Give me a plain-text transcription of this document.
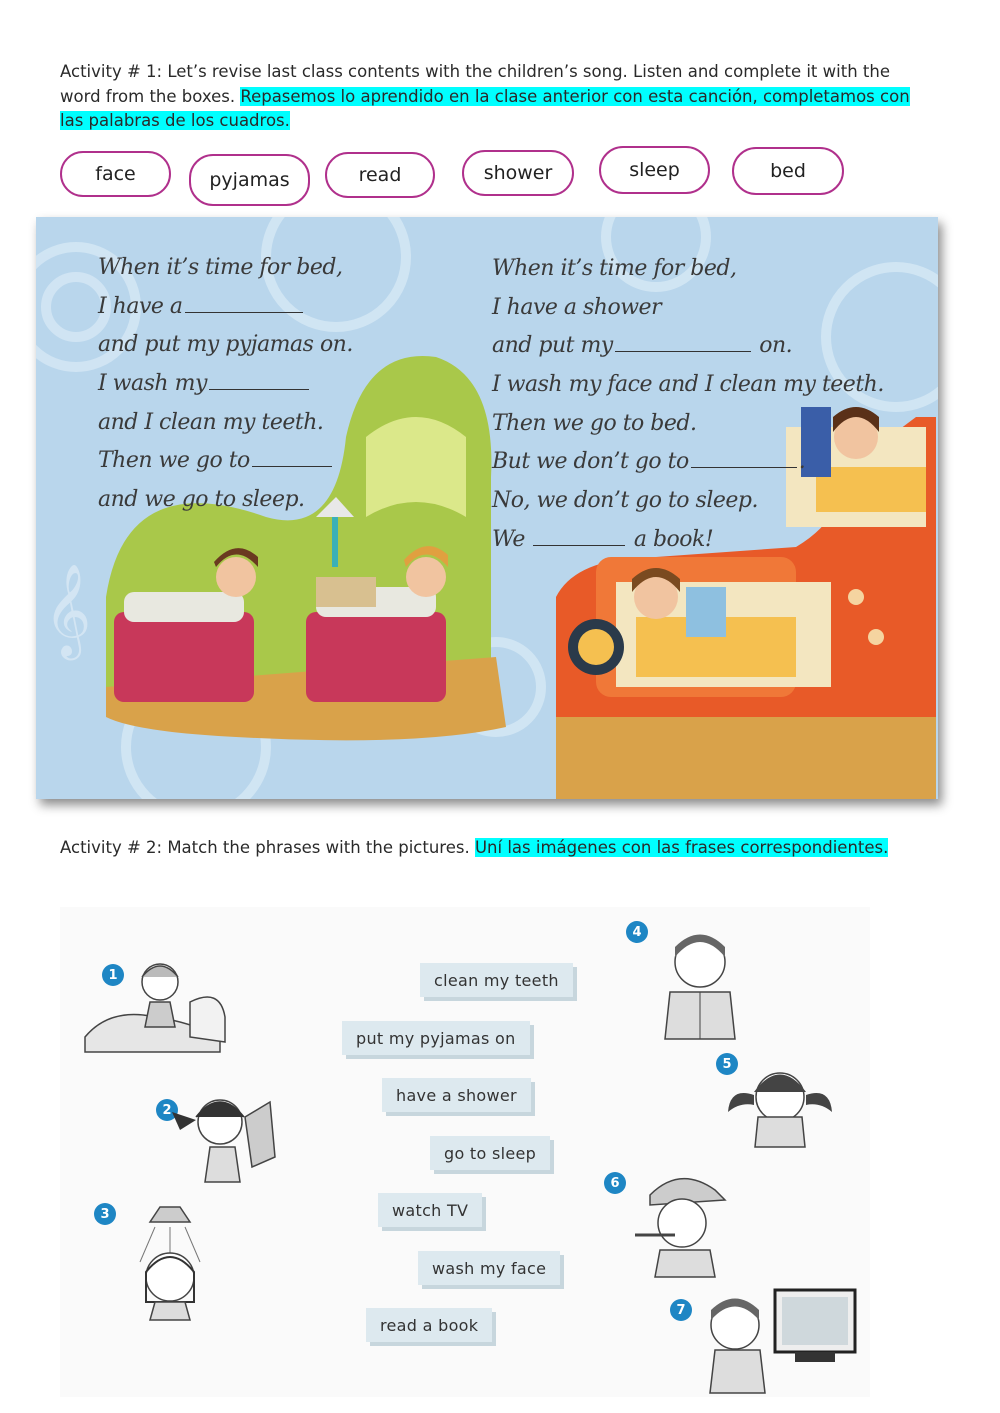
Activity # 1: Let’s revise last class contents with the children’s song. Listen and complete it with the word from the boxes. Repasemos lo aprendido en la clase anterior con esta canción, completamos con las palabras de los cuadros.
face	pyjamas	read	shower	sleep	bed
𝄞
When it’s time for bed,
I have a
and put my pyjamas on.
I wash my
and I clean my teeth.
Then we go to
and we go to sleep.
When it’s time for bed,
I have a shower
and put my	on.
I wash my face and I clean my teeth.
Then we go to bed.
But we don’t go to	.
No, we don’t go to sleep.
We	a book!
Activity # 2: Match the phrases with the pictures. Uní las imágenes con las frases correspondientes.
clean my teeth
put my pyjamas on
have a shower
go to sleep
watch TV
wash my face
read a book
1
2
3
4
5
6
7
